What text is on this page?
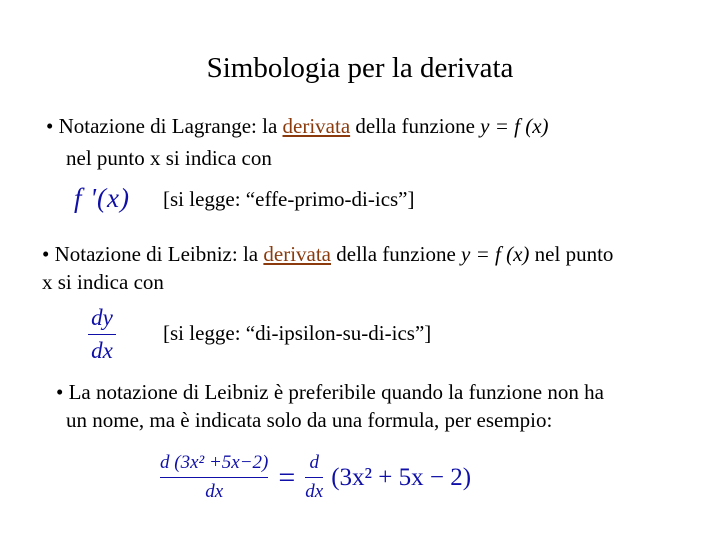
Simbologia per la derivata
• Notazione di Lagrange: la derivata della funzione y = f (x)
nel punto x si indica con
f '(x) [si legge: “effe-primo-di-ics”]
• Notazione di Leibniz: la derivata della funzione y = f (x) nel punto
x si indica con
dy
dx
[si legge: “di-ipsilon-su-di-ics”]
• La notazione di Leibniz è preferibile quando la funzione non ha
un nome, ma è indicata solo da una formula, per esempio:
$\frac{\text{d (3x² +5x−2)}}{dx} = \frac{d}{dx} (3x^2 + 5x - 2)$
